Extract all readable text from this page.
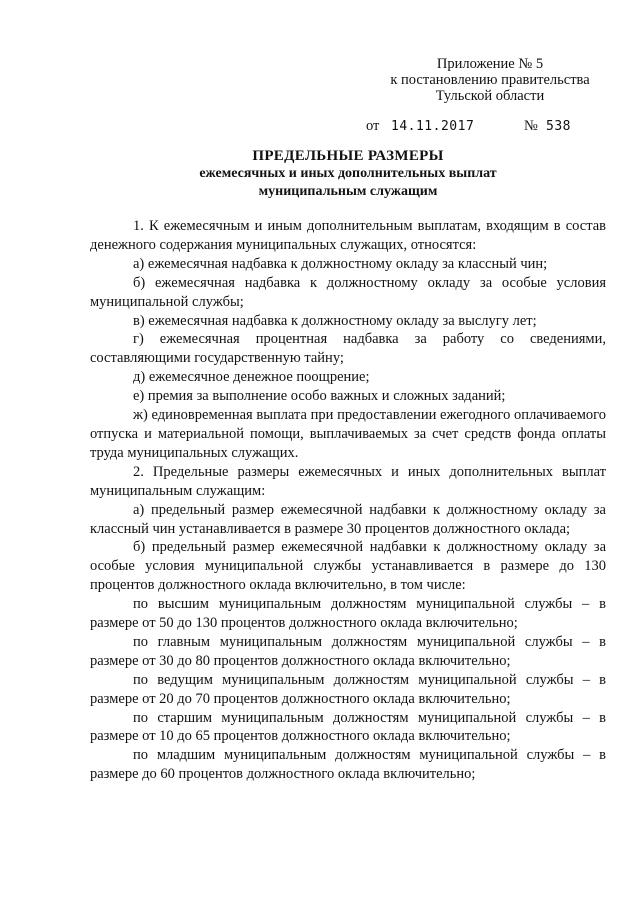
Приложение № 5
к постановлению правительства
Тульской области
от 14.11.2017	№ 538
ПРЕДЕЛЬНЫЕ РАЗМЕРЫ
ежемесячных и иных дополнительных выплат
муниципальным служащим

1. К ежемесячным и иным дополнительным выплатам, входящим в состав денежного содержания муниципальных служащих, относятся:

а) ежемесячная надбавка к должностному окладу за классный чин;

б) ежемесячная надбавка к должностному окладу за особые условия муниципальной службы;

в) ежемесячная надбавка к должностному окладу за выслугу лет;

г) ежемесячная процентная надбавка за работу со сведениями, составляющими государственную тайну;

д) ежемесячное денежное поощрение;

е) премия за выполнение особо важных и сложных заданий;

ж) единовременная выплата при предоставлении ежегодного оплачиваемого отпуска и материальной помощи, выплачиваемых за счет средств фонда оплаты труда муниципальных служащих.

2. Предельные размеры ежемесячных и иных дополнительных выплат муниципальным служащим:

а) предельный размер ежемесячной надбавки к должностному окладу за классный чин устанавливается в размере 30 процентов должностного оклада;

б) предельный размер ежемесячной надбавки к должностному окладу за особые условия муниципальной службы устанавливается в размере до 130 процентов должностного оклада включительно, в том числе:

по высшим муниципальным должностям муниципальной службы – в размере от 50 до 130 процентов должностного оклада включительно;

по главным муниципальным должностям муниципальной службы – в размере от 30 до 80 процентов должностного оклада включительно;

по ведущим муниципальным должностям муниципальной службы – в размере от 20 до 70 процентов должностного оклада включительно;

по старшим муниципальным должностям муниципальной службы – в размере от 10 до 65 процентов должностного оклада включительно;

по младшим муниципальным должностям муниципальной службы – в размере до 60 процентов должностного оклада включительно;
